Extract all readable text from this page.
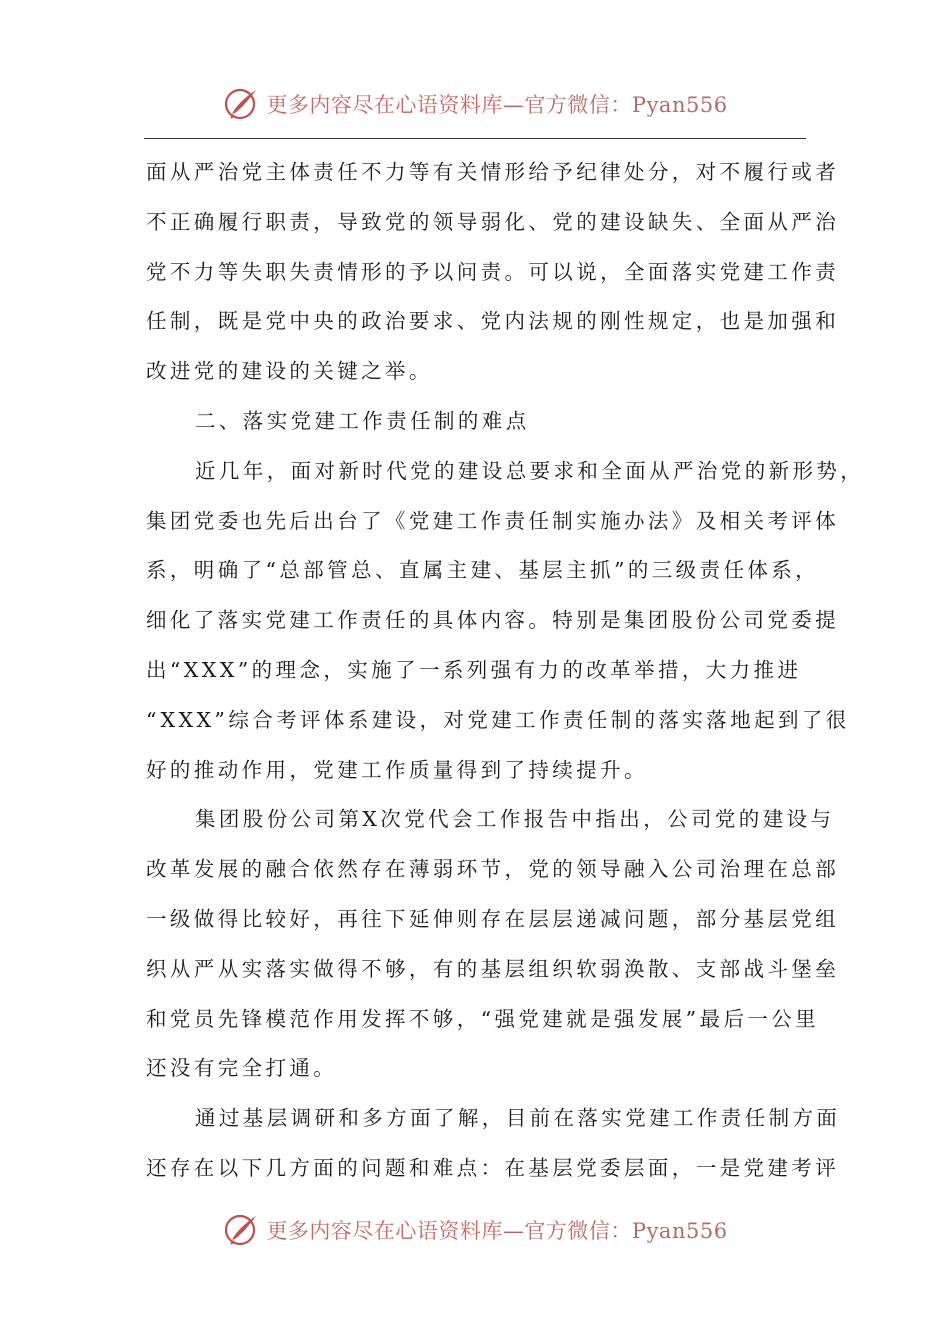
更多内容尽在心语资料库—官方微信：Pyan556
面从严治党主体责任不力等有关情形给予纪律处分，对不履行或者
不正确履行职责，导致党的领导弱化、党的建设缺失、全面从严治
党不力等失职失责情形的予以问责。可以说，全面落实党建工作责
任制，既是党中央的政治要求、党内法规的刚性规定，也是加强和
改进党的建设的关键之举。
二、落实党建工作责任制的难点
近几年，面对新时代党的建设总要求和全面从严治党的新形势，
集团党委也先后出台了《党建工作责任制实施办法》及相关考评体
系，明确了“总部管总、直属主建、基层主抓”的三级责任体系，
细化了落实党建工作责任的具体内容。特别是集团股份公司党委提
出“XXX”的理念，实施了一系列强有力的改革举措，大力推进
“XXX”综合考评体系建设，对党建工作责任制的落实落地起到了很
好的推动作用，党建工作质量得到了持续提升。
集团股份公司第X次党代会工作报告中指出，公司党的建设与
改革发展的融合依然存在薄弱环节，党的领导融入公司治理在总部
一级做得比较好，再往下延伸则存在层层递减问题，部分基层党组
织从严从实落实做得不够，有的基层组织软弱涣散、支部战斗堡垒
和党员先锋模范作用发挥不够，“强党建就是强发展”最后一公里
还没有完全打通。
通过基层调研和多方面了解，目前在落实党建工作责任制方面
还存在以下几方面的问题和难点：在基层党委层面，一是党建考评
更多内容尽在心语资料库—官方微信：Pyan556
